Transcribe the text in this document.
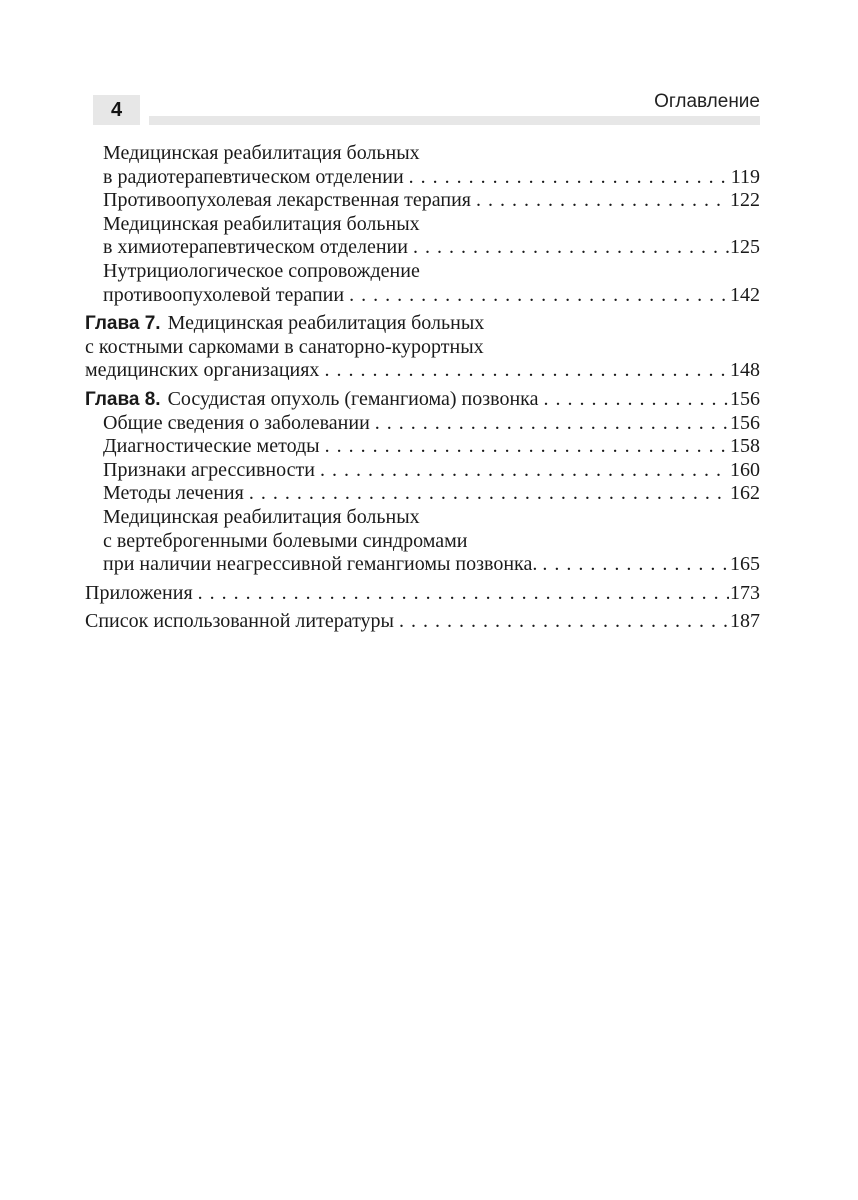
4	Оглавление
Медицинская реабилитация больных
в радиотерапевтическом отделении . . .	119
Противоопухолевая лекарственная терапия . . .	122
Медицинская реабилитация больных
в химиотерапевтическом отделении . . .	125
Нутрициологическое сопровождение
противоопухолевой терапии . . .	142
Глава 7. Медицинская реабилитация больных
с костными саркомами в санаторно-курортных
медицинских организациях . . .	148
Глава 8. Сосудистая опухоль (гемангиома) позвонка . . .	156
Общие сведения о заболевании . . .	156
Диагностические методы . . .	158
Признаки агрессивности . . .	160
Методы лечения . . .	162
Медицинская реабилитация больных
с вертеброгенными болевыми синдромами
при наличии неагрессивной гемангиомы позвонка. . . .	165
Приложения . . .	173
Список использованной литературы . . .	187
